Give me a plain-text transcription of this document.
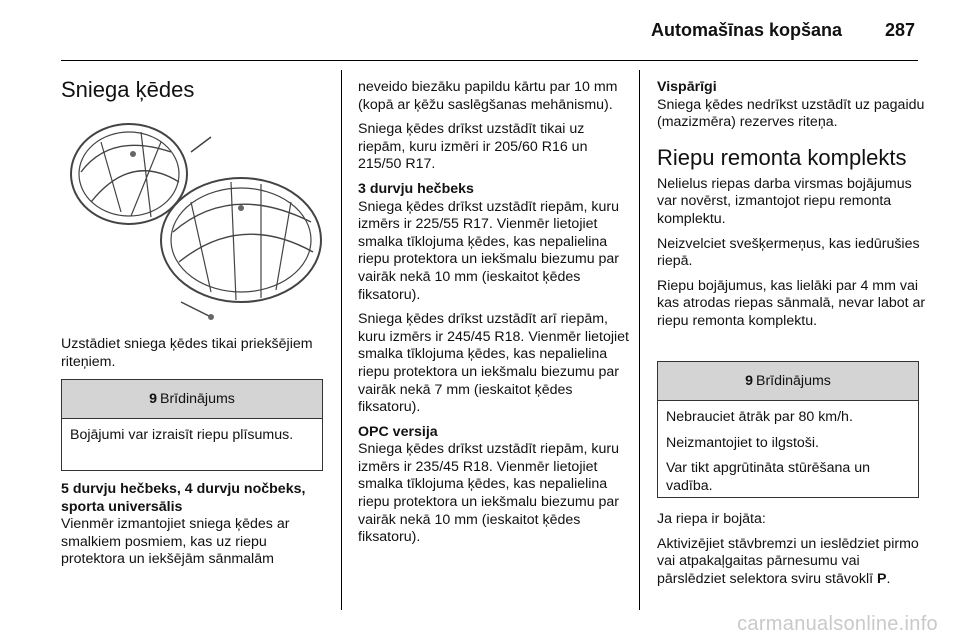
Automašīnas kopšana 287
Sniega ķēdes

Uzstādiet sniega ķēdes tikai priekšējiem riteņiem.

9 Brīdinājums

Bojājumi var izraisīt riepu plīsumus.

5 durvju hečbeks, 4 durvju nočbeks, sporta universālis

Vienmēr izmantojiet sniega ķēdes ar smalkiem posmiem, kas uz riepu protektora un iekšējām sānmalām

neveido biezāku papildu kārtu par 10 mm (kopā ar ķēžu saslēgšanas mehānismu).

Sniega ķēdes drīkst uzstādīt tikai uz riepām, kuru izmēri ir 205/60 R16 un 215/50 R17.

3 durvju hečbeks

Sniega ķēdes drīkst uzstādīt riepām, kuru izmērs ir 225/55 R17. Vienmēr lietojiet smalka tīklojuma ķēdes, kas nepalielina riepu protektora un iekšmalu biezumu par vairāk nekā 10 mm (ieskaitot ķēdes fiksatoru).

Sniega ķēdes drīkst uzstādīt arī riepām, kuru izmērs ir 245/45 R18. Vienmēr lietojiet smalka tīklojuma ķēdes, kas nepalielina riepu protektora un iekšmalu biezumu par vairāk nekā 7 mm (ieskaitot ķēdes fiksatoru).

OPC versija

Sniega ķēdes drīkst uzstādīt riepām, kuru izmērs ir 235/45 R18. Vienmēr lietojiet smalka tīklojuma ķēdes, kas nepalielina riepu protektora un iekšmalu biezumu par vairāk nekā 10 mm (ieskaitot ķēdes fiksatoru).

Vispārīgi

Sniega ķēdes nedrīkst uzstādīt uz pagaidu (mazizmēra) rezerves riteņa.

Riepu remonta komplekts

Nelielus riepas darba virsmas bojājumus var novērst, izmantojot riepu remonta komplektu.

Neizvelciet svešķermeņus, kas iedūrušies riepā.

Riepu bojājumus, kas lielāki par 4 mm vai kas atrodas riepas sānmalā, nevar labot ar riepu remonta komplektu.

9 Brīdinājums

Nebrauciet ātrāk par 80 km/h.

Neizmantojiet to ilgstoši.

Var tikt apgrūtināta stūrēšana un vadība.

Ja riepa ir bojāta:

Aktivizējiet stāvbremzi un ieslēdziet pirmo vai atpakaļgaitas pārnesumu vai pārslēdziet selektora sviru stāvoklī P.

carmanualsonline.info
